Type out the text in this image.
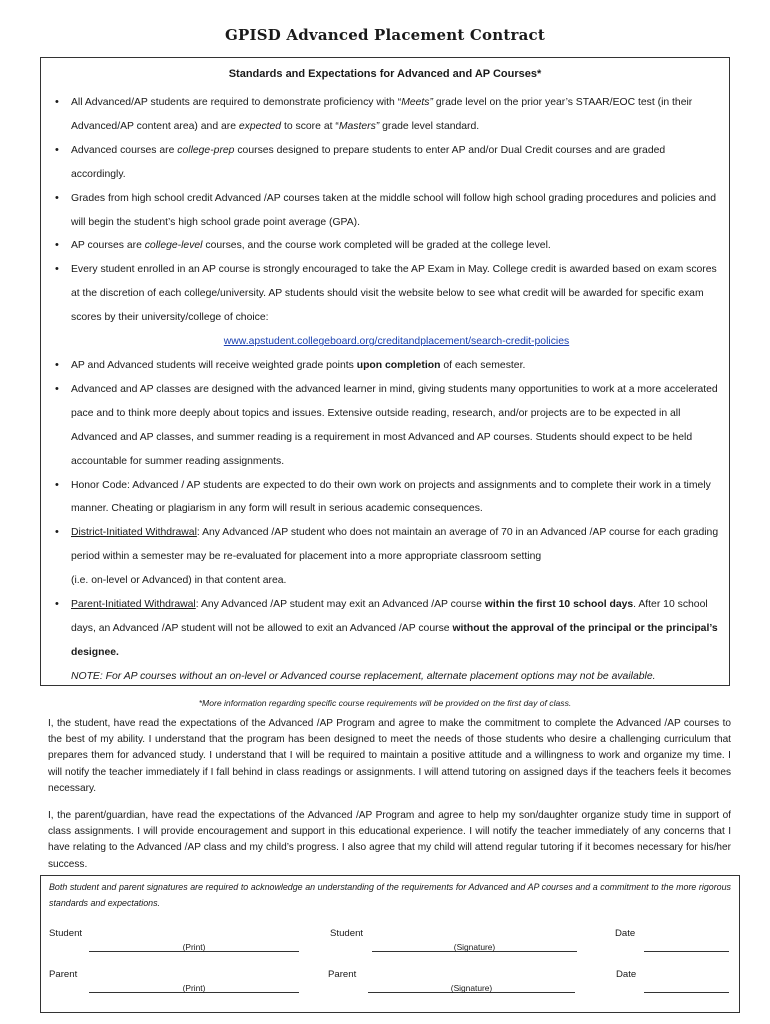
GPISD Advanced Placement Contract
Standards and Expectations for Advanced and AP Courses*
• All Advanced/AP students are required to demonstrate proficiency with “Meets” grade level on the prior year’s STAAR/EOC test (in their Advanced/AP content area) and are expected to score at “Masters” grade level standard.
• Advanced courses are college-prep courses designed to prepare students to enter AP and/or Dual Credit courses and are graded accordingly.
• Grades from high school credit Advanced /AP courses taken at the middle school will follow high school grading procedures and policies and will begin the student’s high school grade point average (GPA).
• AP courses are college-level courses, and the course work completed will be graded at the college level.
• Every student enrolled in an AP course is strongly encouraged to take the AP Exam in May. College credit is awarded based on exam scores at the discretion of each college/university. AP students should visit the website below to see what credit will be awarded for specific exam scores by their university/college of choice:
www.apstudent.collegeboard.org/creditandplacement/search-credit-policies
• AP and Advanced students will receive weighted grade points upon completion of each semester.
• Advanced and AP classes are designed with the advanced learner in mind, giving students many opportunities to work at a more accelerated pace and to think more deeply about topics and issues. Extensive outside reading, research, and/or projects are to be expected in all Advanced and AP classes, and summer reading is a requirement in most Advanced and AP courses. Students should expect to be held accountable for summer reading assignments.
• Honor Code: Advanced / AP students are expected to do their own work on projects and assignments and to complete their work in a timely manner. Cheating or plagiarism in any form will result in serious academic consequences.
• District-Initiated Withdrawal: Any Advanced /AP student who does not maintain an average of 70 in an Advanced /AP course for each grading period within a semester may be re-evaluated for placement into a more appropriate classroom setting
(i.e. on-level or Advanced) in that content area.
• Parent-Initiated Withdrawal: Any Advanced /AP student may exit an Advanced /AP course within the first 10 school days. After 10 school days, an Advanced /AP student will not be allowed to exit an Advanced /AP course without the approval of the principal or the principal’s designee.
NOTE: For AP courses without an on-level or Advanced course replacement, alternate placement options may not be available.
*More information regarding specific course requirements will be provided on the first day of class.
I, the student, have read the expectations of the Advanced /AP Program and agree to make the commitment to complete the Advanced /AP courses to the best of my ability. I understand that the program has been designed to meet the needs of those students who desire a challenging curriculum that prepares them for advanced study. I understand that I will be required to maintain a positive attitude and a willingness to work and organize my time. I will notify the teacher immediately if I fall behind in class readings or assignments. I will attend tutoring on assigned days if the teachers feels it becomes necessary.
I, the parent/guardian, have read the expectations of the Advanced /AP Program and agree to help my son/daughter organize study time in support of class assignments. I will provide encouragement and support in this educational experience. I will notify the teacher immediately of any concerns that I have relating to the Advanced /AP class and my child’s progress. I also agree that my child will attend regular tutoring if it becomes necessary for his/her success.
Both student and parent signatures are required to acknowledge an understanding of the requirements for Advanced and AP courses and a commitment to the more rigorous standards and expectations.
Student
(Print)
Student
(Signature)
Date
Parent
(Print)
Parent
(Signature)
Date
